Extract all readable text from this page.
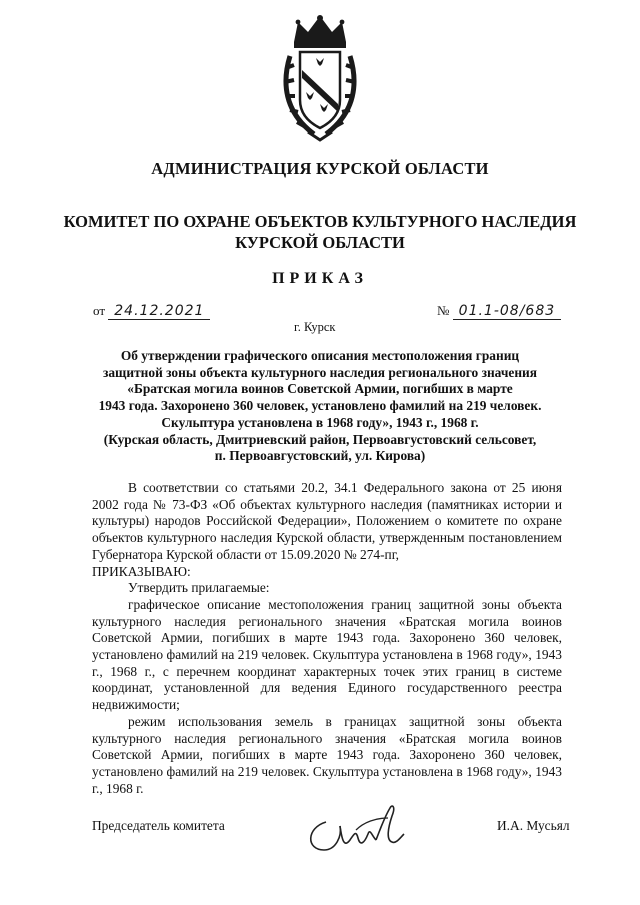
АДМИНИСТРАЦИЯ КУРСКОЙ ОБЛАСТИ
КОМИТЕТ ПО ОХРАНЕ ОБЪЕКТОВ КУЛЬТУРНОГО НАСЛЕДИЯ
КУРСКОЙ ОБЛАСТИ
ПРИКАЗ
от 24.12.2021	№ 01.1-08/683
г. Курск
Об утверждении графического описания местоположения границ
защитной зоны объекта культурного наследия регионального значения
«Братская могила воинов Советской Армии, погибших в марте
1943 года. Захоронено 360 человек, установлено фамилий на 219 человек.
Скульптура установлена в 1968 году», 1943 г., 1968 г.
(Курская область, Дмитриевский район, Первоавгустовский сельсовет,
п. Первоавгустовский, ул. Кирова)

В соответствии со статьями 20.2, 34.1 Федерального закона от 25 июня 2002 года № 73-ФЗ «Об объектах культурного наследия (памятниках истории и культуры) народов Российской Федерации», Положением о комитете по охране объектов культурного наследия Курской области, утвержденным постановлением Губернатора Курской области от 15.09.2020 № 274-пг,

ПРИКАЗЫВАЮ:

Утвердить прилагаемые:

графическое описание местоположения границ защитной зоны объекта культурного наследия регионального значения «Братская могила воинов Советской Армии, погибших в марте 1943 года. Захоронено 360 человек, установлено фамилий на 219 человек. Скульптура установлена в 1968 году», 1943 г., 1968 г., с перечнем координат характерных точек этих границ в системе координат, установленной для ведения Единого государственного реестра недвижимости;

режим использования земель в границах защитной зоны объекта культурного наследия регионального значения «Братская могила воинов Советской Армии, погибших в марте 1943 года. Захоронено 360 человек, установлено фамилий на 219 человек. Скульптура установлена в 1968 году», 1943 г., 1968 г.

Председатель комитета	И.А. Мусьял
